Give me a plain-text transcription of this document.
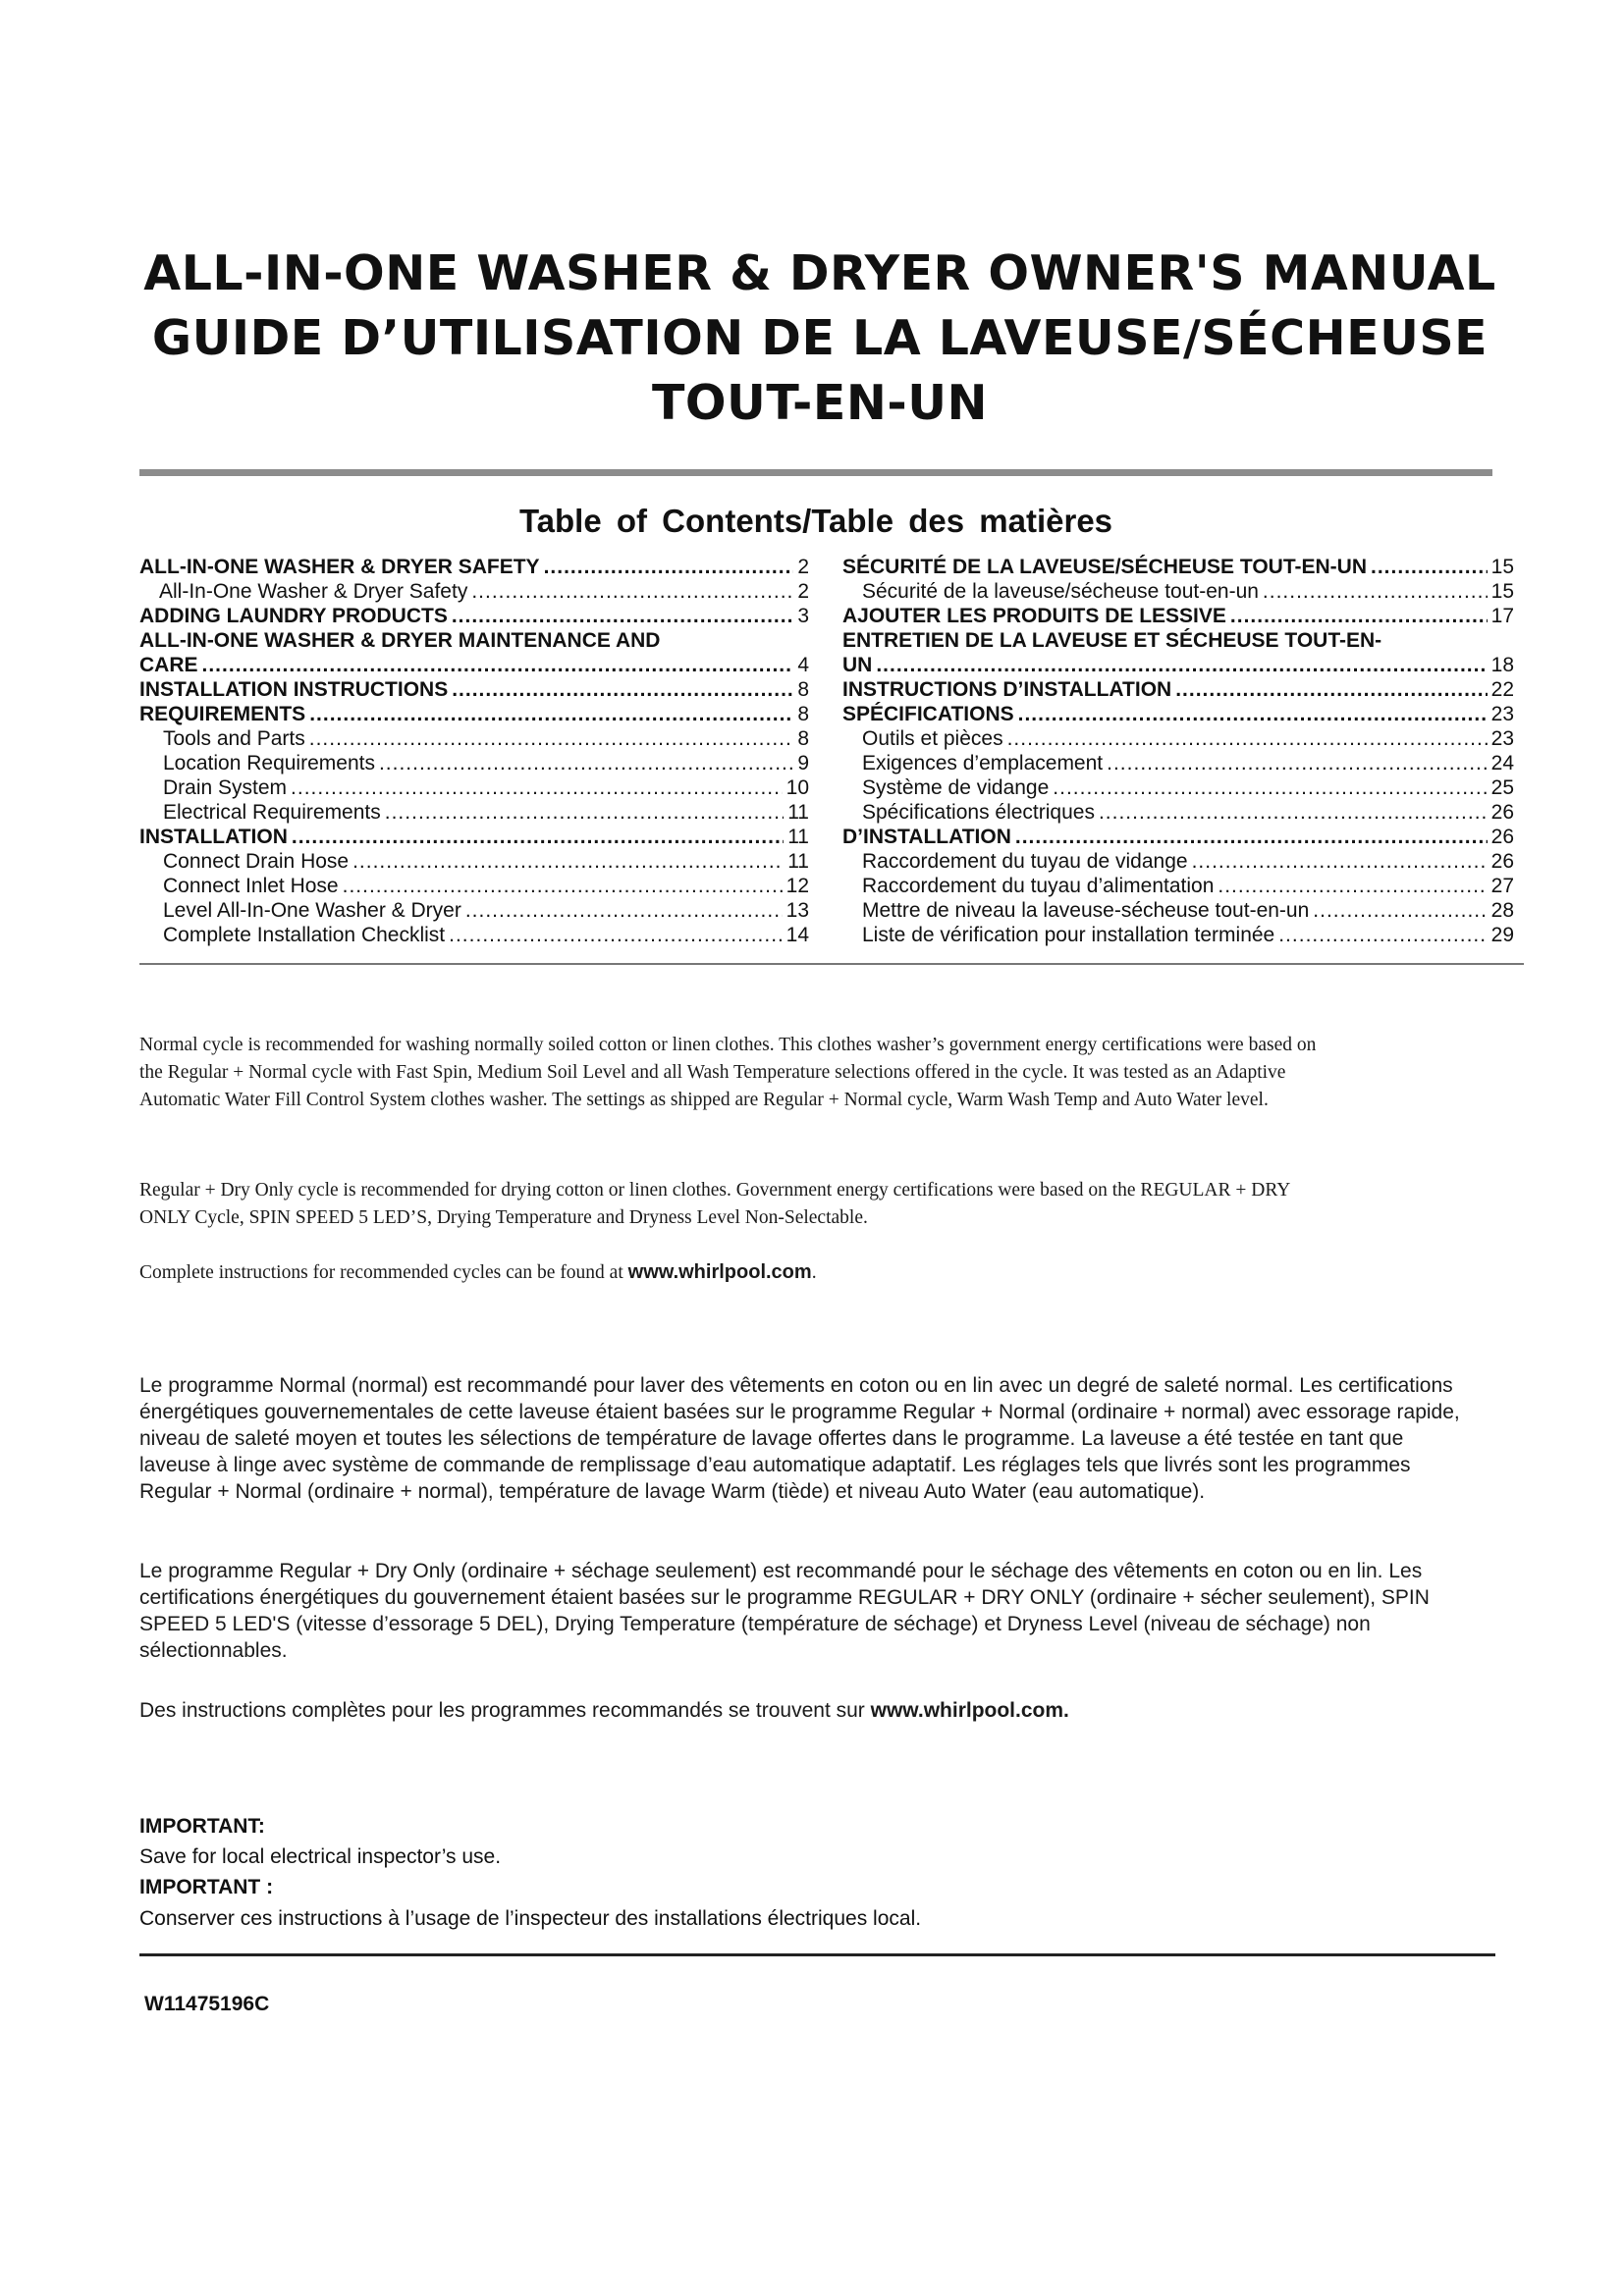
ALL-IN-ONE WASHER & DRYER OWNER'S MANUAL
GUIDE D’UTILISATION DE LA LAVEUSE/SÉCHEUSE
TOUT-EN-UN
Table of Contents/Table des matières
ALL-IN-ONE WASHER & DRYER SAFETY .....	2
All-In-One Washer & Dryer Safety .....	2
ADDING LAUNDRY PRODUCTS .....	3
ALL-IN-ONE WASHER & DRYER MAINTENANCE AND
CARE .....	4
INSTALLATION INSTRUCTIONS .....	8
REQUIREMENTS .....	8
Tools and Parts .....	8
Location Requirements .....	9
Drain System .....	10
Electrical Requirements .....	11
INSTALLATION .....	11
Connect Drain Hose .....	11
Connect Inlet Hose .....	12
Level All-In-One Washer & Dryer .....	13
Complete Installation Checklist .....	14
SÉCURITÉ DE LA LAVEUSE/SÉCHEUSE TOUT-EN-UN .....	15
Sécurité de la laveuse/sécheuse tout-en-un .....	15
AJOUTER LES PRODUITS DE LESSIVE .....	17
ENTRETIEN DE LA LAVEUSE ET SÉCHEUSE TOUT-EN-
UN .....	18
INSTRUCTIONS D’INSTALLATION .....	22
SPÉCIFICATIONS .....	23
Outils et pièces .....	23
Exigences d’emplacement .....	24
Système de vidange .....	25
Spécifications électriques .....	26
D’INSTALLATION .....	26
Raccordement du tuyau de vidange .....	26
Raccordement du tuyau d’alimentation .....	27
Mettre de niveau la laveuse-sécheuse tout-en-un .....	28
Liste de vérification pour installation terminée .....	29

Normal cycle is recommended for washing normally soiled cotton or linen clothes. This clothes washer’s government energy certifications were based on the Regular + Normal cycle with Fast Spin, Medium Soil Level and all Wash Temperature selections offered in the cycle. It was tested as an Adaptive Automatic Water Fill Control System clothes washer. The settings as shipped are Regular + Normal cycle, Warm Wash Temp and Auto Water level.

Regular + Dry Only cycle is recommended for drying cotton or linen clothes. Government energy certifications were based on the REGULAR + DRY ONLY Cycle, SPIN SPEED 5 LED’S, Drying Temperature and Dryness Level Non-Selectable.

Complete instructions for recommended cycles can be found at www.whirlpool.com.

Le programme Normal (normal) est recommandé pour laver des vêtements en coton ou en lin avec un degré de saleté normal. Les certifications énergétiques gouvernementales de cette laveuse étaient basées sur le programme Regular + Normal (ordinaire + normal) avec essorage rapide, niveau de saleté moyen et toutes les sélections de température de lavage offertes dans le programme. La laveuse a été testée en tant que laveuse à linge avec système de commande de remplissage d’eau automatique adaptatif. Les réglages tels que livrés sont les programmes Regular + Normal (ordinaire + normal), température de lavage Warm (tiède) et niveau Auto Water (eau automatique).

Le programme Regular + Dry Only (ordinaire + séchage seulement) est recommandé pour le séchage des vêtements en coton ou en lin. Les certifications énergétiques du gouvernement étaient basées sur le programme REGULAR + DRY ONLY (ordinaire + sécher seulement), SPIN SPEED 5 LED'S (vitesse d’essorage 5 DEL), Drying Temperature (température de séchage) et Dryness Level (niveau de séchage) non sélectionnables.

Des instructions complètes pour les programmes recommandés se trouvent sur www.whirlpool.com.

IMPORTANT:
Save for local electrical inspector’s use.
IMPORTANT :
Conserver ces instructions à l’usage de l’inspecteur des installations électriques local.
W11475196C
